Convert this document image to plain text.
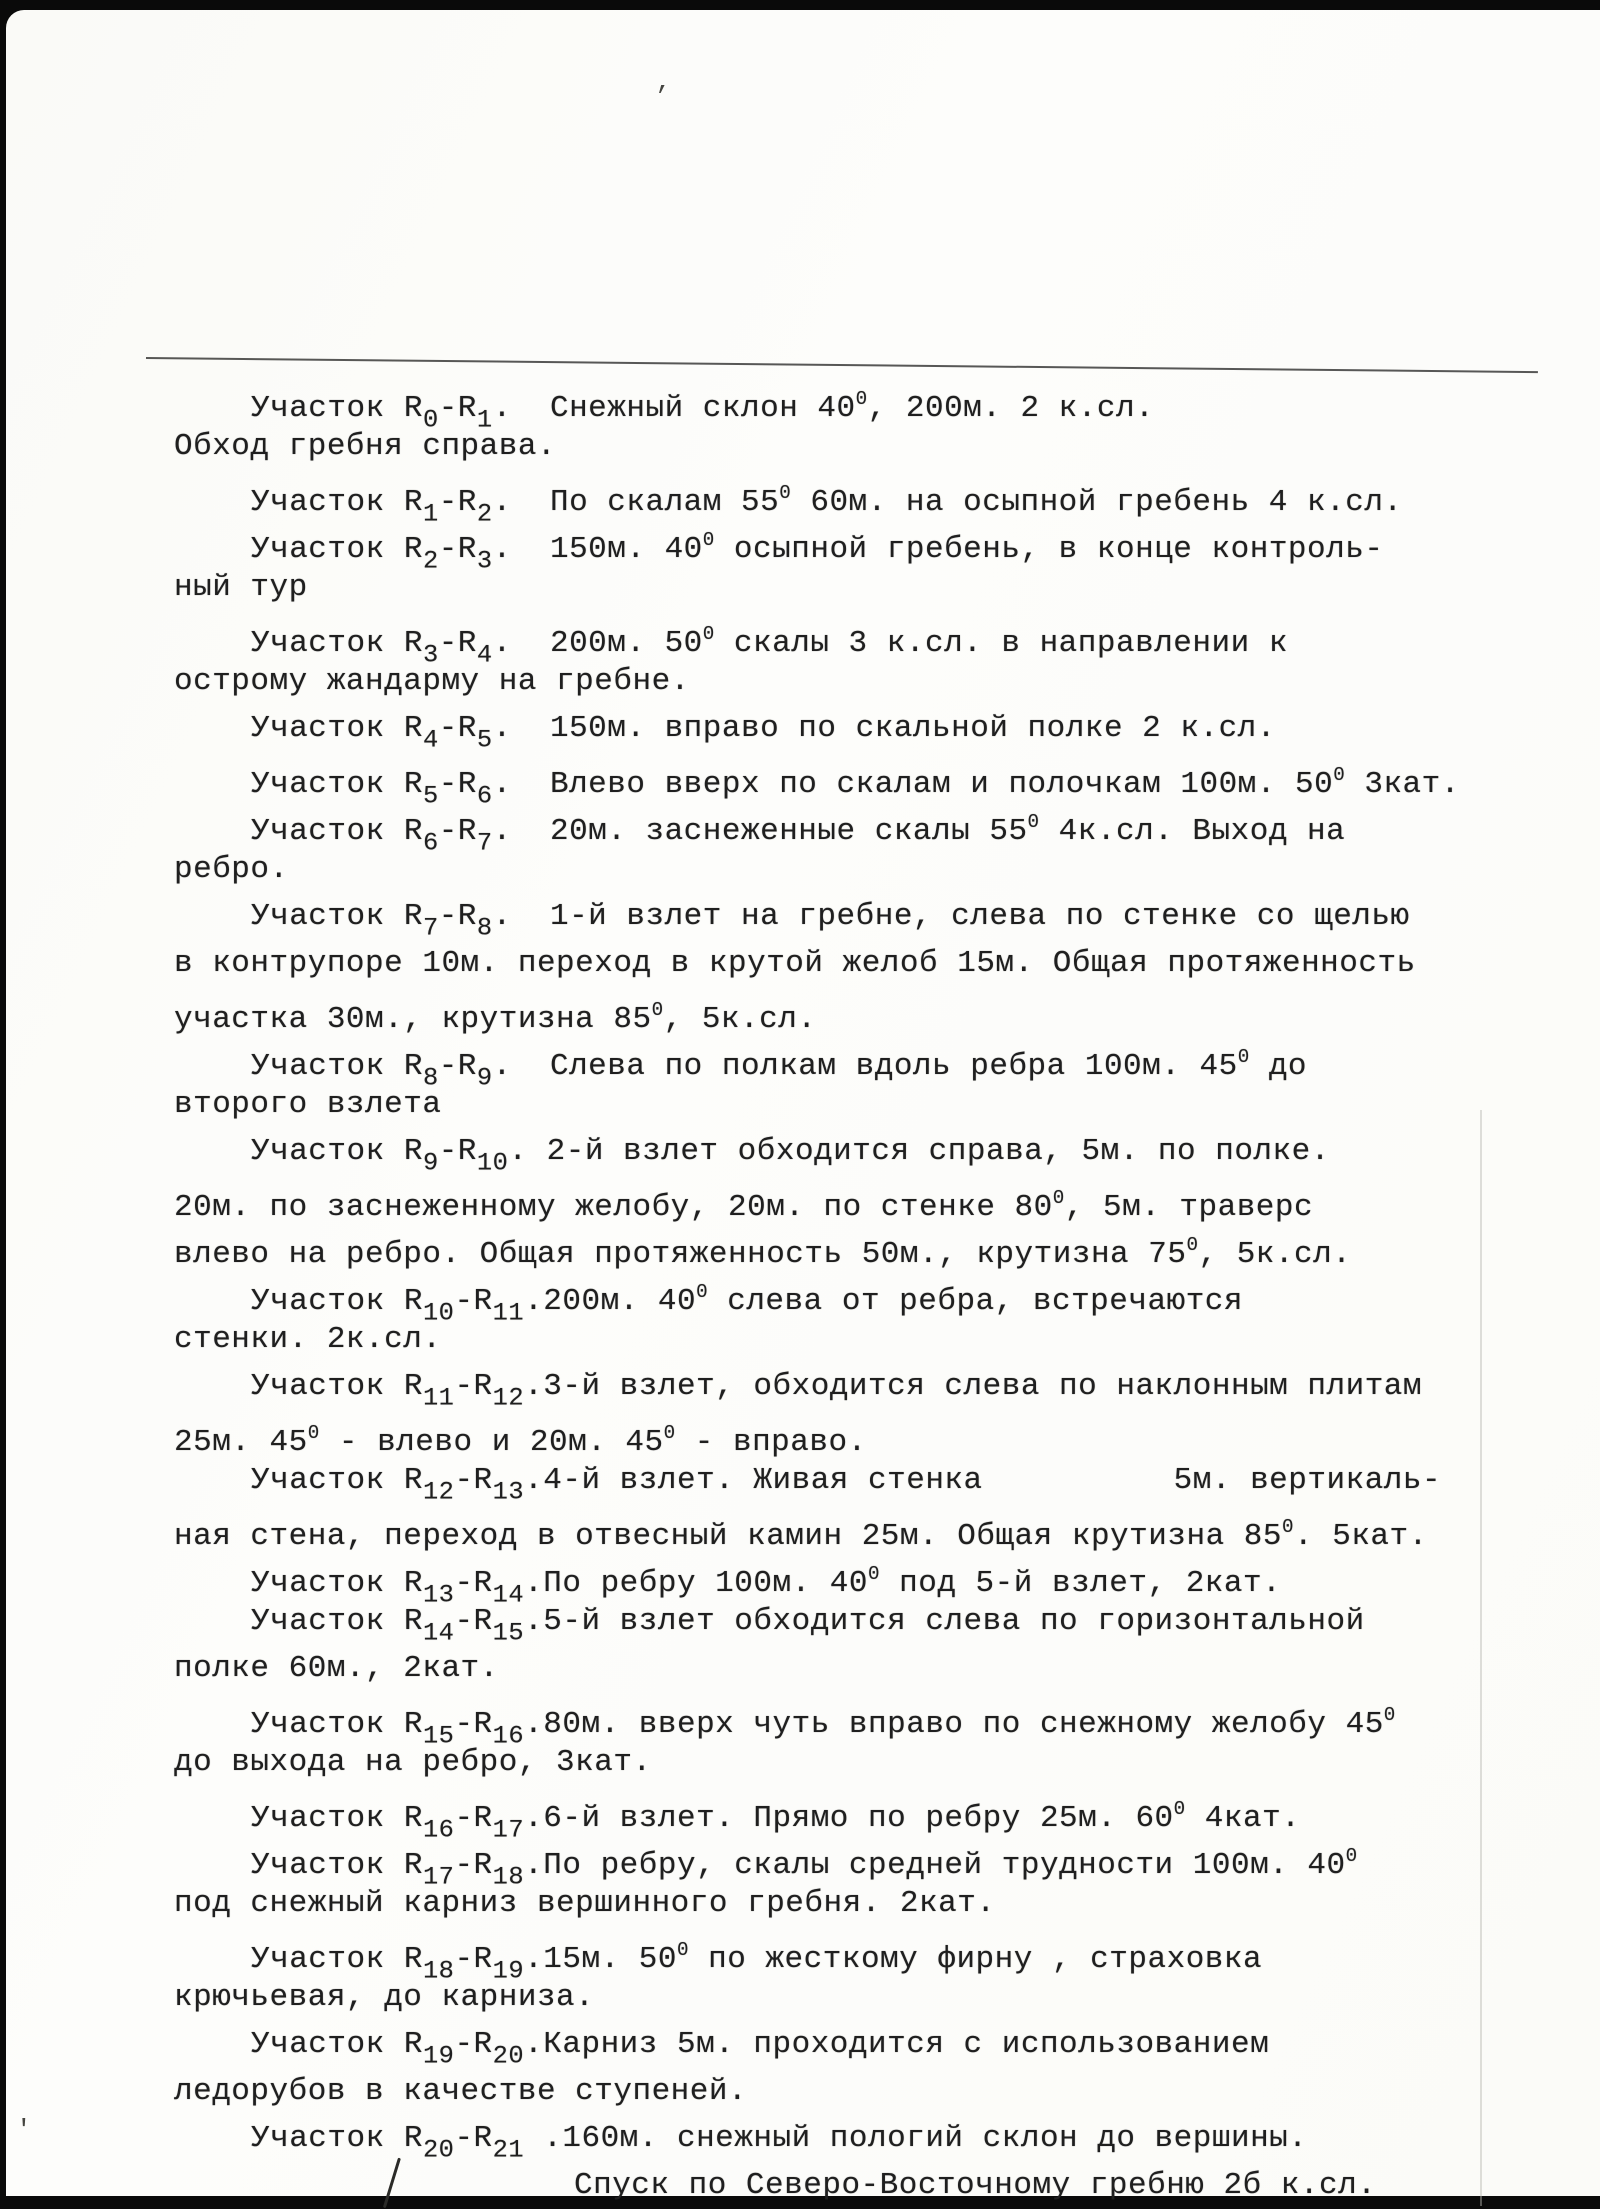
Участок $R_0-R_1$.  Снежный склон $40^0$, 200м. 2 к.сл.
Обход гребня справа.
Участок $R_1-R_2$.  По скалам $55^0$ 60м. на осыпной гребень 4 к.сл.
Участок $R_2-R_3$.  150м. $40^0$ осыпной гребень, в конце контроль-
ный тур
Участок $R_3-R_4$.  200м. $50^0$ скалы 3 к.сл. в направлении к
острому жандарму на гребне.
Участок $R_4-R_5$.  150м. вправо по скальной полке 2 к.сл.
Участок $R_5-R_6$.  Влево вверх по скалам и полочкам 100м. $50^0$ 3кат.
Участок $R_6-R_7$.  20м. заснеженные скалы $55^0$ 4к.сл. Выход на
ребро.
Участок $R_7-R_8$.  1-й взлет на гребне, слева по стенке со щелью
в контрупоре 10м. переход в крутой желоб 15м. Общая протяженность
участка 30м., крутизна $85^0$, 5к.сл.
Участок $R_8-R_9$.  Слева по полкам вдоль ребра 100м. $45^0$ до
второго взлета
Участок $R_9-R_{10}$. 2-й взлет обходится справа, 5м. по полке.
20м. по заснеженному желобу, 20м. по стенке $80^0$, 5м. траверс
влево на ребро. Общая протяженность 50м., крутизна $75^0$, 5к.сл.
Участок $R_{10}-R_{11}.200м$. $40^0$ слева от ребра, встречаются
стенки. 2к.сл.
Участок $R_{11}-R_{12}.3-й$ взлет, обходится слева по наклонным плитам
25м. $45^0$ - влево и 20м. $45^0$ - вправо.
Участок $R_{12}-R_{13}.4-й$ взлет. Живая стенка          5м. вертикаль-
ная стена, переход в отвесный камин 25м. Общая крутизна $85^0$. 5кат.
Участок $R_{13}-R_{14}.По$ ребру 100м. $40^0$ под 5-й взлет, 2кат.
Участок $R_{14}-R_{15}.5-й$ взлет обходится слева по горизонтальной
полке 60м., 2кат.
Участок $R_{15}-R_{16}.80м$. вверх чуть вправо по снежному желобу $45^0$
до выхода на ребро, 3кат.
Участок $R_{16}-R_{17}.6-й$ взлет. Прямо по ребру 25м. $60^0$ 4кат.
Участок $R_{17}-R_{18}.По$ ребру, скалы средней трудности 100м. $40^0$
под снежный карниз вершинного гребня. 2кат.
Участок $R_{18}-R_{19}.15м$. $50^0$ по жесткому фирну , страховка
крючьевая, до карниза.
Участок $R_{19}-R_{20}.Карниз$ 5м. проходится с использованием
ледорубов в качестве ступеней.
Участок $R_{20}-R_{21}$ .160м. снежный пологий склон до вершины.
Спуск по Северо-Восточному гребню 2б к.сл.
’
'
